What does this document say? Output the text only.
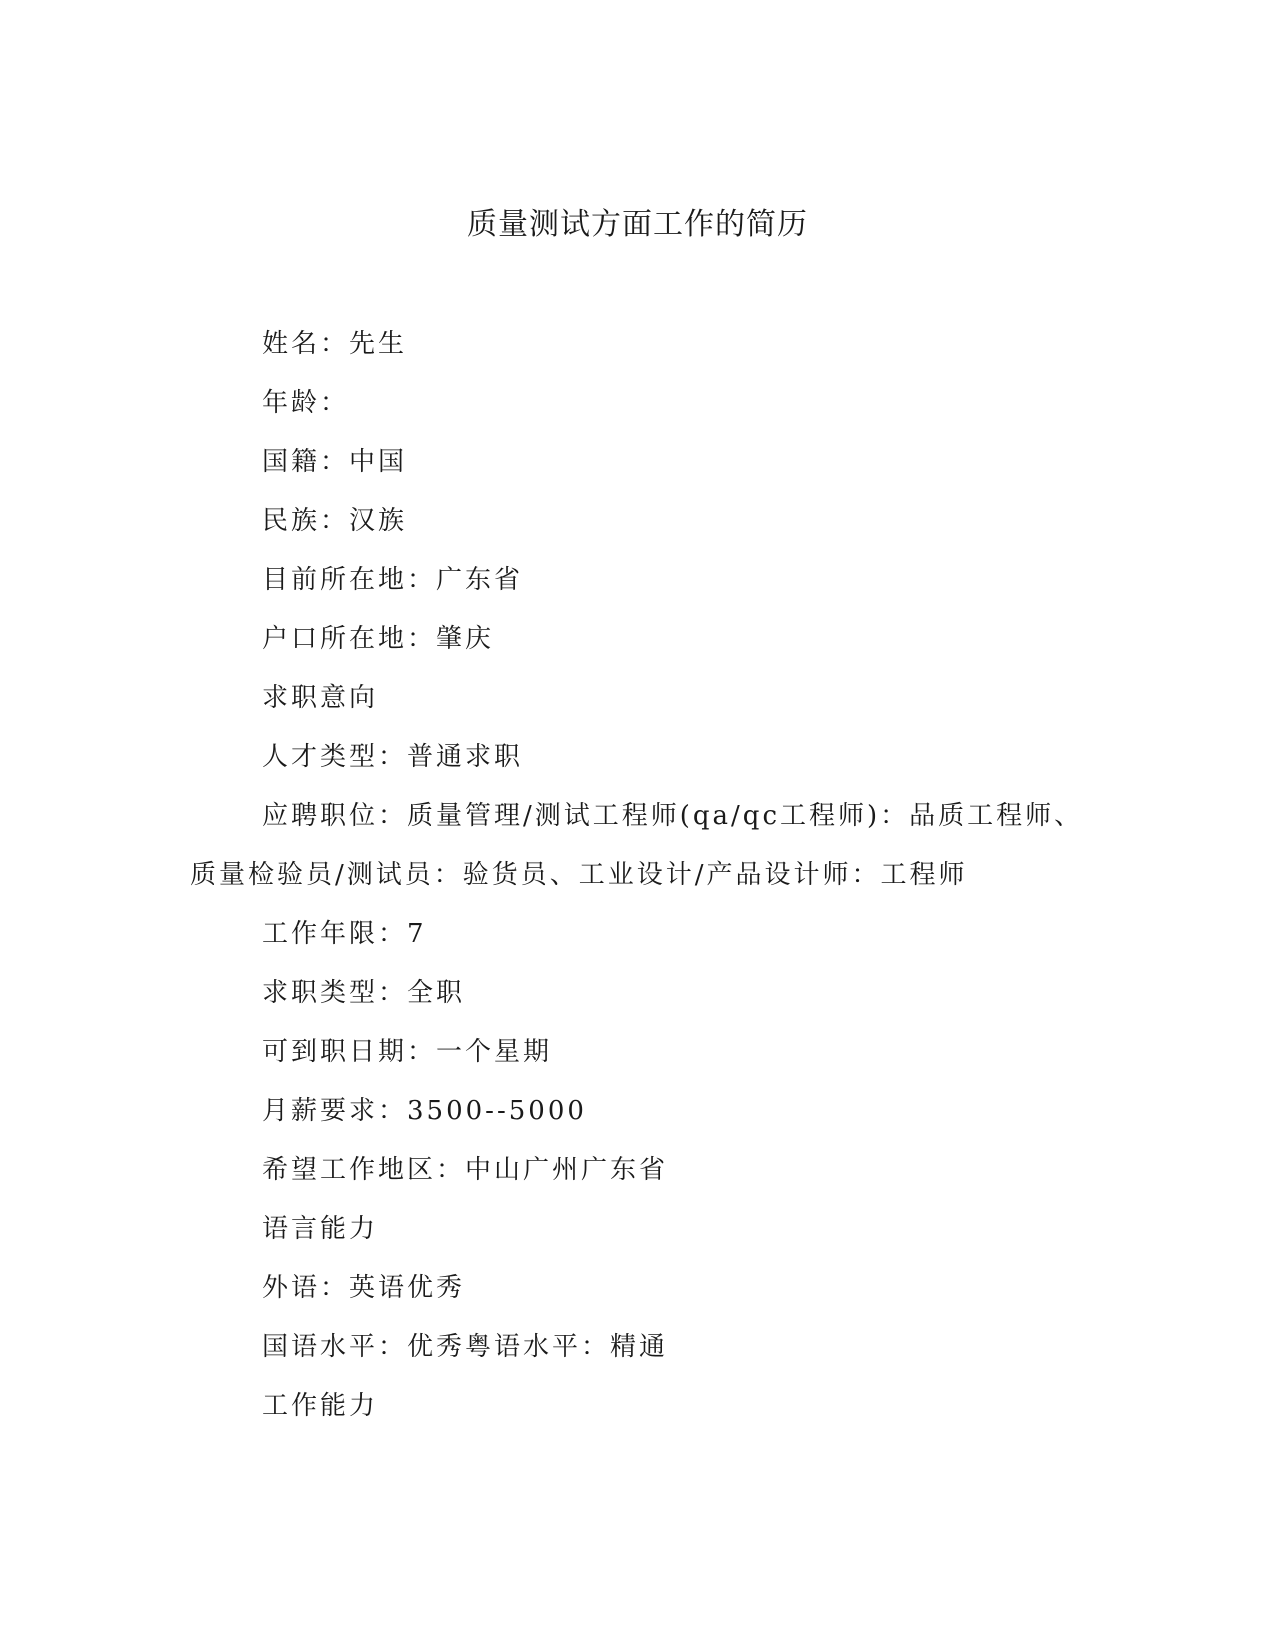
质量测试方面工作的简历
姓名：先生
年龄：
国籍：中国
民族：汉族
目前所在地：广东省
户口所在地：肇庆
求职意向
人才类型：普通求职
应聘职位：质量管理/测试工程师(qa/qc工程师)：品质工程师、
质量检验员/测试员：验货员、工业设计/产品设计师：工程师
工作年限：7
求职类型：全职
可到职日期：一个星期
月薪要求：3500--5000
希望工作地区：中山广州广东省
语言能力
外语：英语优秀
国语水平：优秀粤语水平：精通
工作能力
